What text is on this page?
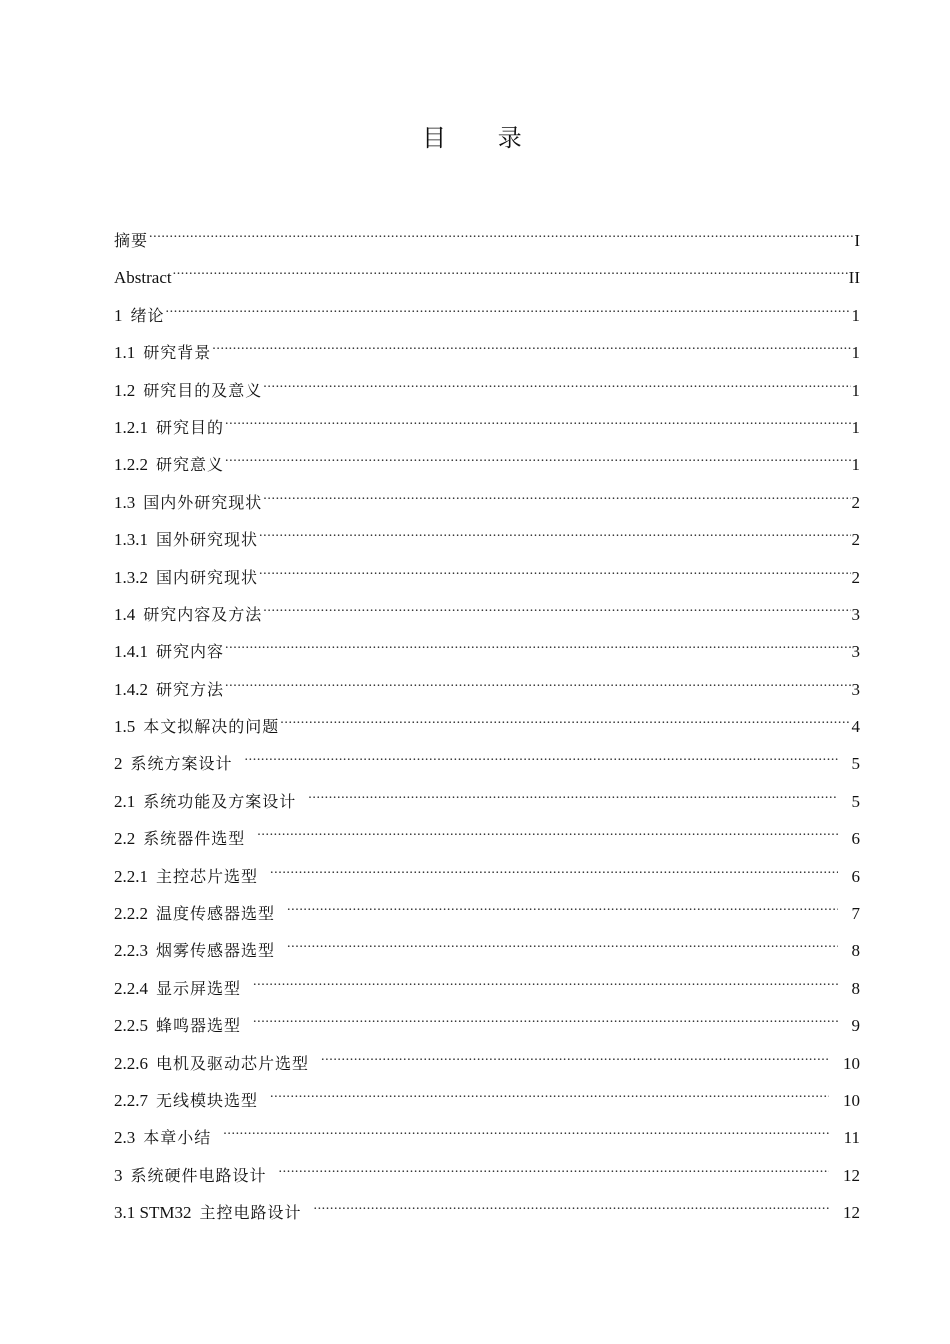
目 录
摘要 .....	I
Abstract .....	II
1 绪论 .....	1
1.1 研究背景 .....	1
1.2 研究目的及意义 .....	1
1.2.1 研究目的 .....	1
1.2.2 研究意义 .....	1
1.3 国内外研究现状 .....	2
1.3.1 国外研究现状 .....	2
1.3.2 国内研究现状 .....	2
1.4 研究内容及方法 .....	3
1.4.1 研究内容 .....	3
1.4.2 研究方法 .....	3
1.5 本文拟解决的问题 .....	4
2 系统方案设计 .....	5
2.1 系统功能及方案设计 .....	5
2.2 系统器件选型 .....	6
2.2.1 主控芯片选型 .....	6
2.2.2 温度传感器选型 .....	7
2.2.3 烟雾传感器选型 .....	8
2.2.4 显示屏选型 .....	8
2.2.5 蜂鸣器选型 .....	9
2.2.6 电机及驱动芯片选型 .....	10
2.2.7 无线模块选型 .....	10
2.3 本章小结 .....	11
3 系统硬件电路设计 .....	12
3.1 STM32 主控电路设计 .....	12
